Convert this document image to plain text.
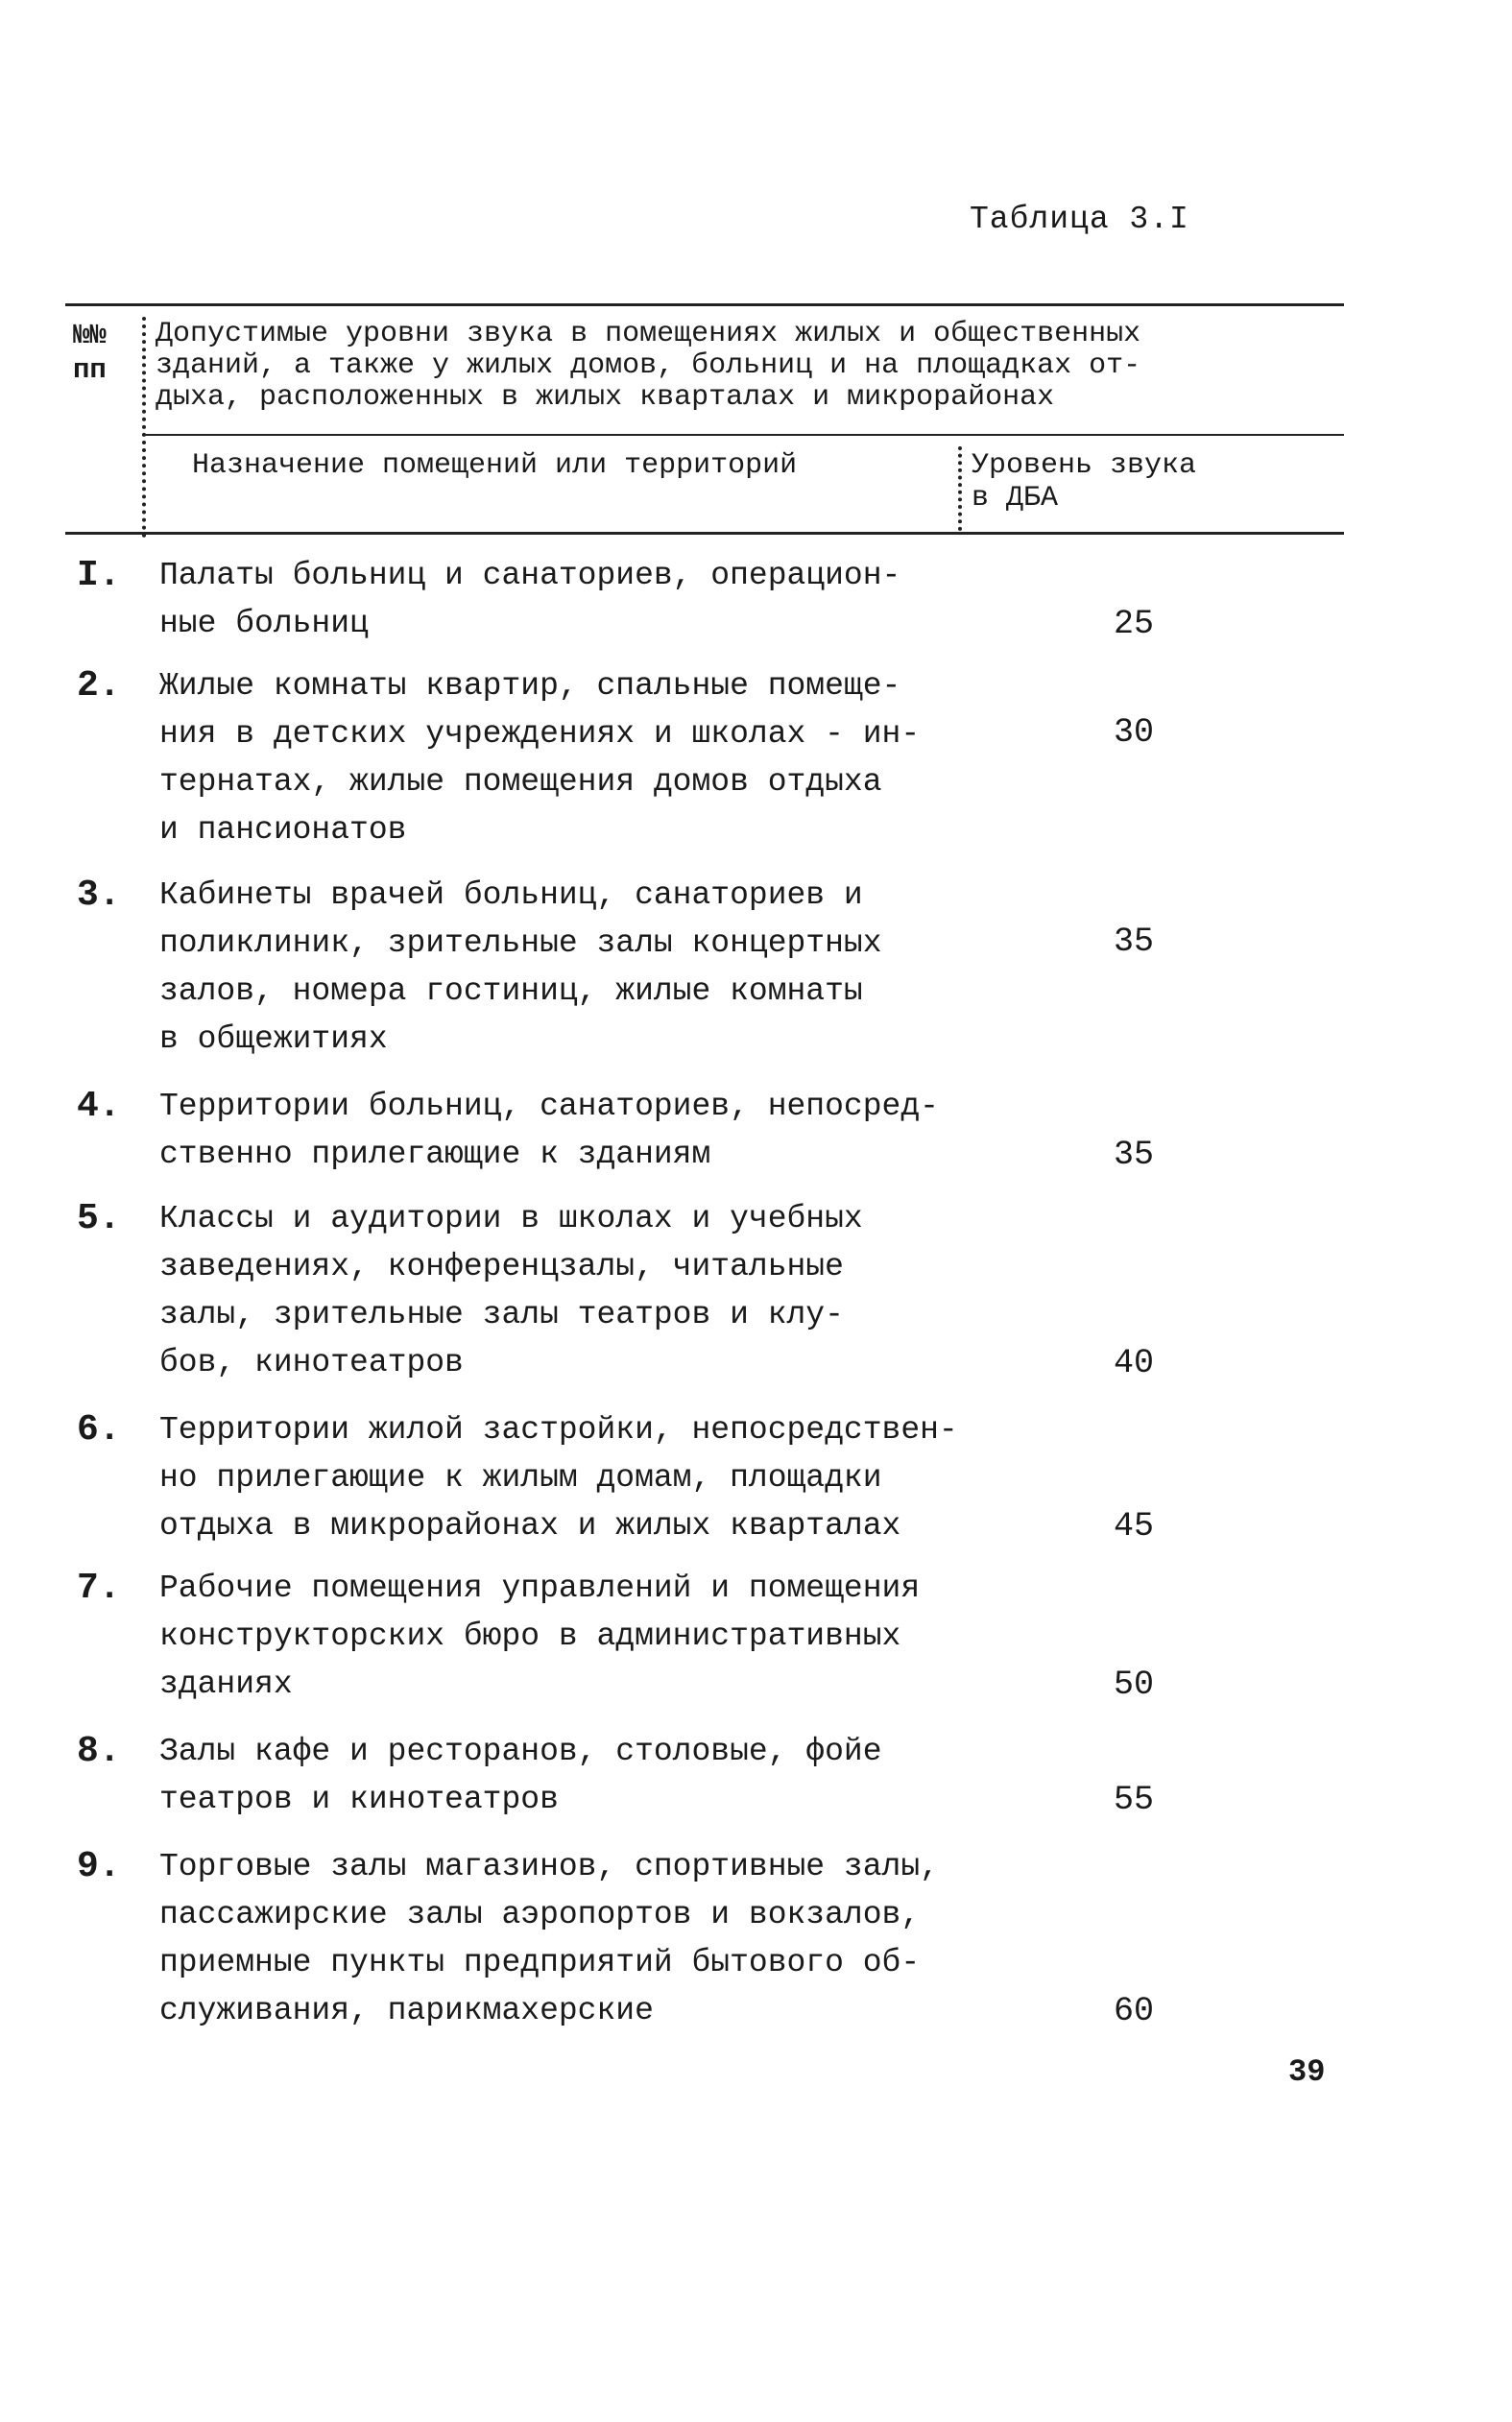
Таблица 3.I
№№
пп
Допустимые уровни звука в помещениях жилых и общественных
зданий, а также у жилых домов, больниц и на площадках от-
дыха, расположенных в жилых кварталах и микрорайонах
Назначение помещений или территорий	Уровень звука
в ДБА
I. Палаты больниц и санаториев, операцион-
ные больниц	25
2. Жилые комнаты квартир, спальные помеще-
ния в детских учреждениях и школах - ин-
тернатах, жилые помещения домов отдыха
и пансионатов
30
3. Кабинеты врачей больниц, санаториев и
поликлиник, зрительные залы концертных
залов, номера гостиниц, жилые комнаты
в общежитиях
35
4. Территории больниц, санаториев, непосред-
ственно прилегающие к зданиям	35
5. Классы и аудитории в школах и учебных
заведениях, конференцзалы, читальные
залы, зрительные залы театров и клу-
бов, кинотеатров	40
6. Территории жилой застройки, непосредствен-
но прилегающие к жилым домам, площадки
отдыха в микрорайонах и жилых кварталах	45
7. Рабочие помещения управлений и помещения
конструкторских бюро в административных
зданиях	50
8. Залы кафе и ресторанов, столовые, фойе
театров и кинотеатров	55
9. Торговые залы магазинов, спортивные залы,
пассажирские залы аэропортов и вокзалов,
приемные пункты предприятий бытового об-
служивания, парикмахерские	60
39
